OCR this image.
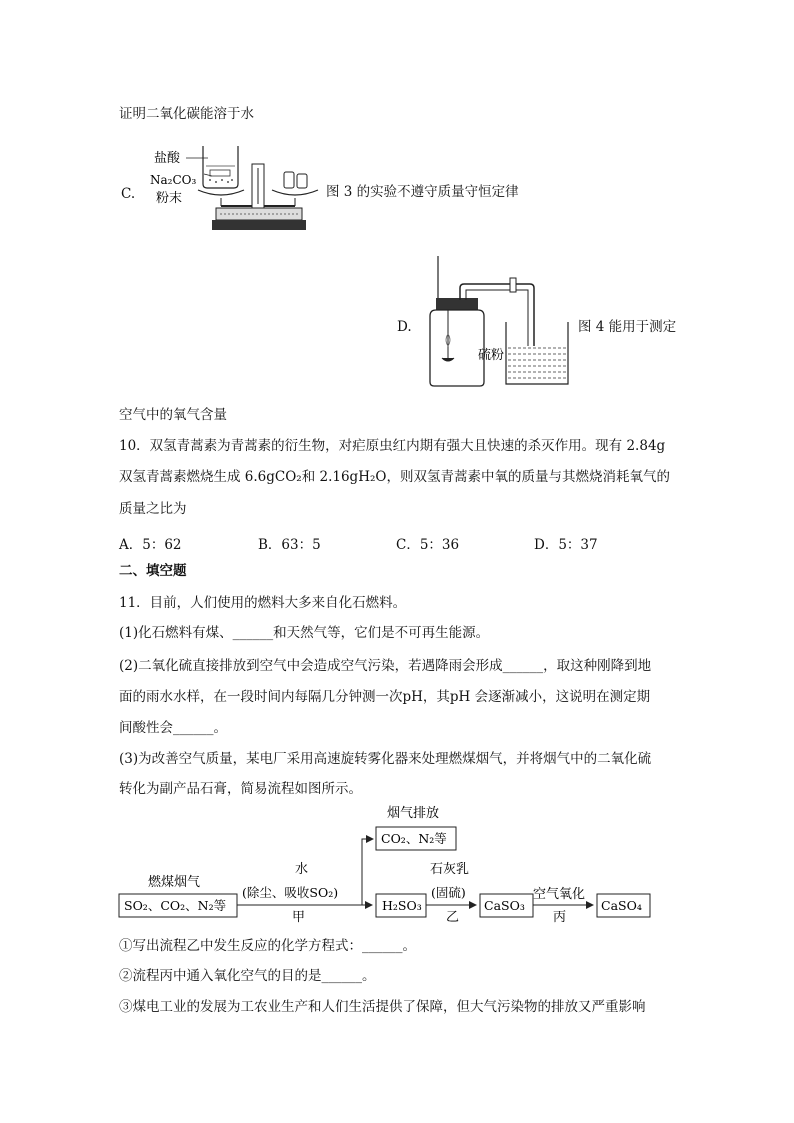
证明二氧化碳能溶于水
C.
盐酸
Na₂CO₃
粉末	图 3 的实验不遵守质量守恒定律
D.
硫粉
图 4 能用于测定
空气中的氧气含量
10．双氢青蒿素为青蒿素的衍生物，对疟原虫红内期有强大且快速的杀灭作用。现有 2.84g
双氢青蒿素燃烧生成 6.6gCO₂和 2.16gH₂O，则双氢青蒿素中氧的质量与其燃烧消耗氧气的
质量之比为
A．5：62	B．63：5	C．5：36	D．5：37
二、填空题
11．目前，人们使用的燃料大多来自化石燃料。
(1)化石燃料有煤、______和天然气等，它们是不可再生能源。
(2)二氧化硫直接排放到空气中会造成空气污染，若遇降雨会形成______，取这种刚降到地
面的雨水水样，在一段时间内每隔几分钟测一次pH，其pH 会逐渐减小，这说明在测定期
间酸性会______。
(3)为改善空气质量，某电厂采用高速旋转雾化器来处理燃煤烟气，并将烟气中的二氧化硫
转化为副产品石膏，简易流程如图所示。
燃煤烟气
SO₂、CO₂、N₂等
水
(除尘、吸收SO₂)
甲
烟气排放
CO₂、N₂等
H₂SO₃
石灰乳
(固硫)
乙
CaSO₃
空气氧化
丙
CaSO₄
①写出流程乙中发生反应的化学方程式：______。
②流程丙中通入氧化空气的目的是______。
③煤电工业的发展为工农业生产和人们生活提供了保障，但大气污染物的排放又严重影响
